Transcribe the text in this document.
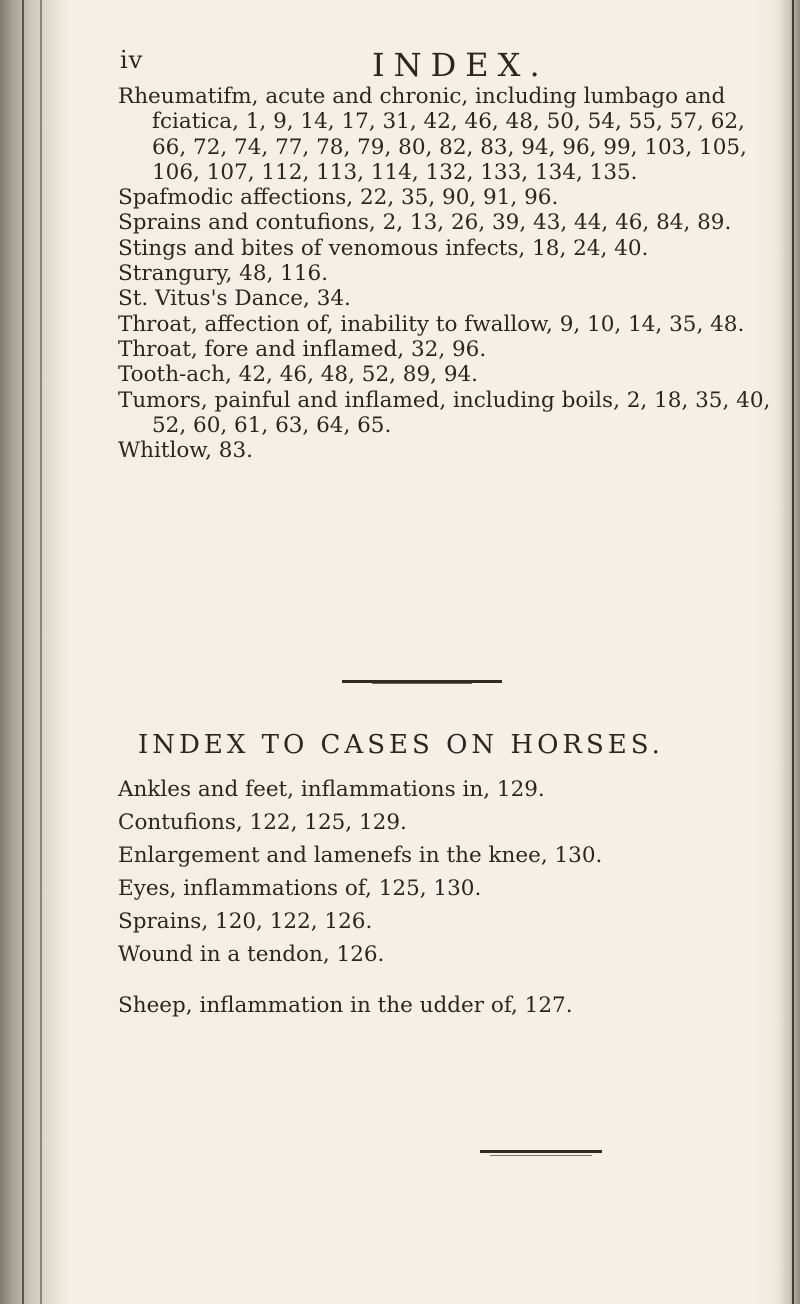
iv	INDEX.

Rheumatifm, acute and chronic, including lumbago and fciatica, 1, 9, 14, 17, 31, 42, 46, 48, 50, 54, 55, 57, 62, 66, 72, 74, 77, 78, 79, 80, 82, 83, 94, 96, 99, 103, 105, 106, 107, 112, 113, 114, 132, 133, 134, 135.

Spafmodic affections, 22, 35, 90, 91, 96.

Sprains and contufions, 2, 13, 26, 39, 43, 44, 46, 84, 89.

Stings and bites of venomous infects, 18, 24, 40.

Strangury, 48, 116.

St. Vitus's Dance, 34.

Throat, affection of, inability to fwallow, 9, 10, 14, 35, 48.

Throat, fore and inflamed, 32, 96.

Tooth-ach, 42, 46, 48, 52, 89, 94.

Tumors, painful and inflamed, including boils, 2, 18, 35, 40, 52, 60, 61, 63, 64, 65.

Whitlow, 83.

INDEX TO CASES ON HORSES.

Ankles and feet, inflammations in, 129.

Contufions, 122, 125, 129.

Enlargement and lamenefs in the knee, 130.

Eyes, inflammations of, 125, 130.

Sprains, 120, 122, 126.

Wound in a tendon, 126.

Sheep, inflammation in the udder of, 127.
